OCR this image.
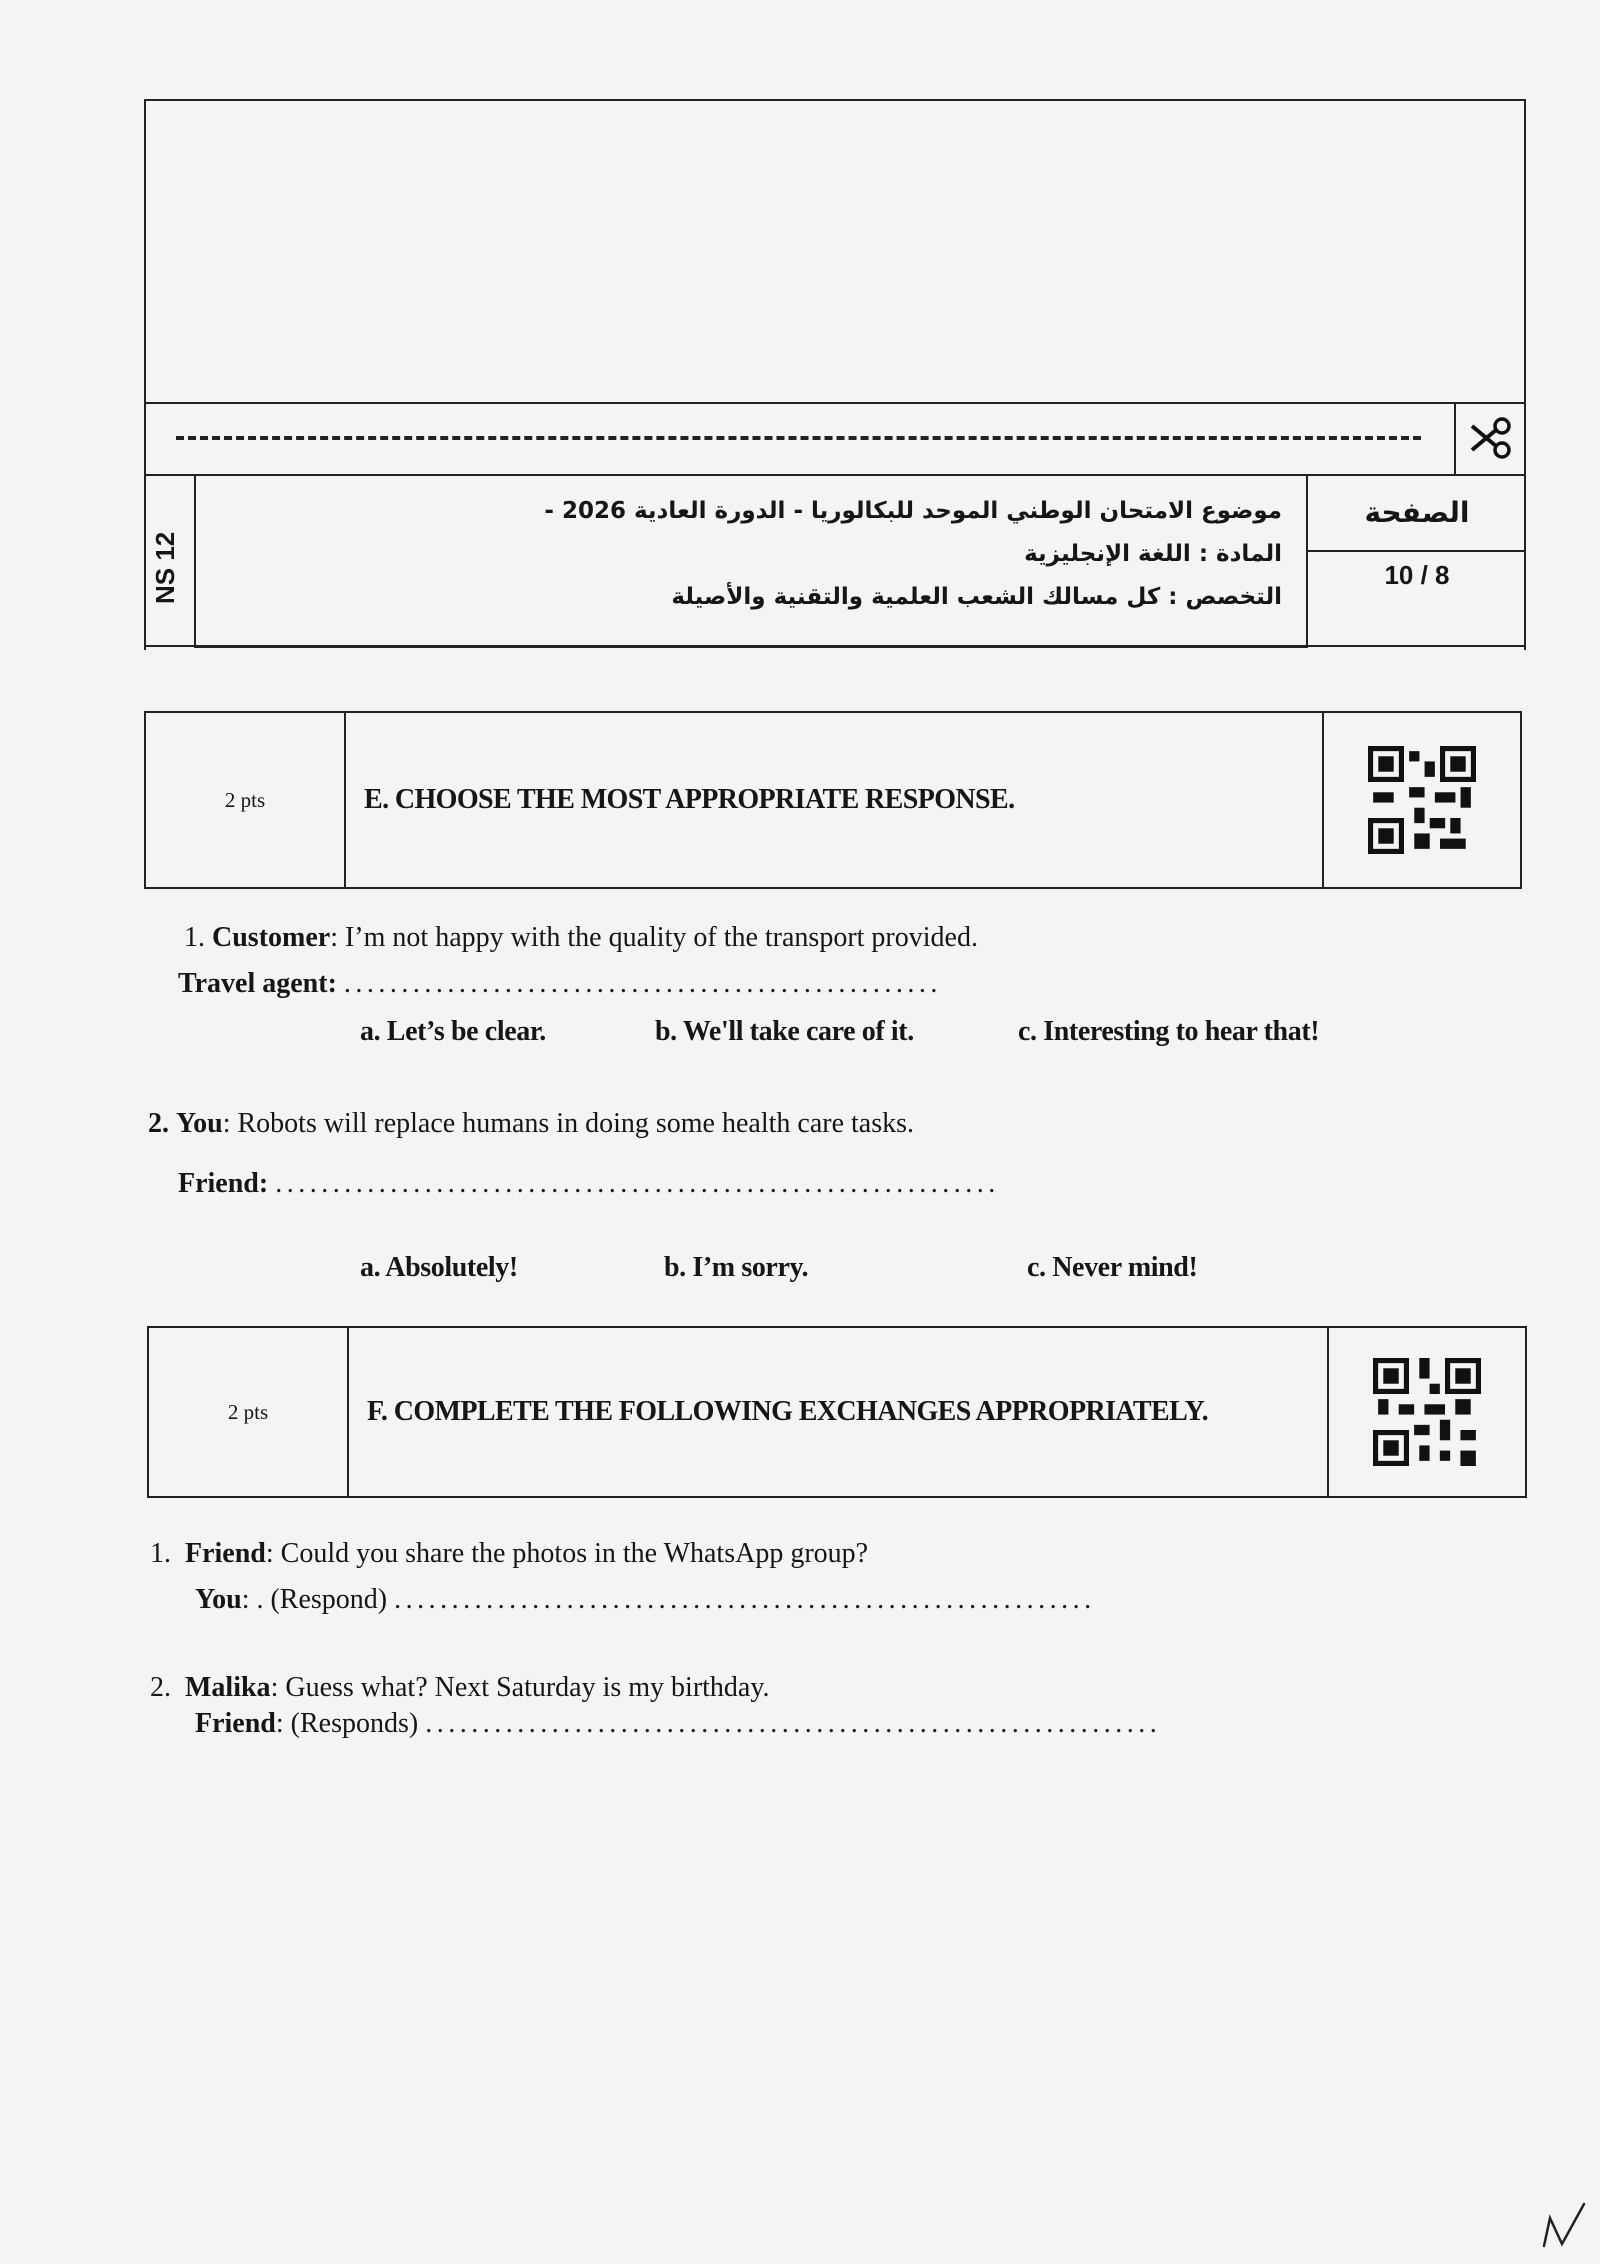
NS 12
موضوع الامتحان الوطني الموحد للبكالوريا - الدورة العادية 2026 -
المادة : اللغة الإنجليزية
التخصص : كل مسالك الشعب العلمية والتقنية والأصيلة
الصفحة
10 / 8
2 pts	E. CHOOSE THE MOST APPROPRIATE RESPONSE.
1. Customer: I’m not happy with the quality of the transport provided.
Travel agent: ....................................................
a. Let’s be clear.	b. We'll take care of it.	c. Interesting to hear that!
2. You: Robots will replace humans in doing some health care tasks.
Friend: ...............................................................
a. Absolutely!	b. I’m sorry.	c. Never mind!
2 pts	F. COMPLETE THE FOLLOWING EXCHANGES APPROPRIATELY.
1. Friend: Could you share the photos in the WhatsApp group?
You: . (Respond) .............................................................
2. Malika: Guess what? Next Saturday is my birthday.
Friend: (Responds) ................................................................
